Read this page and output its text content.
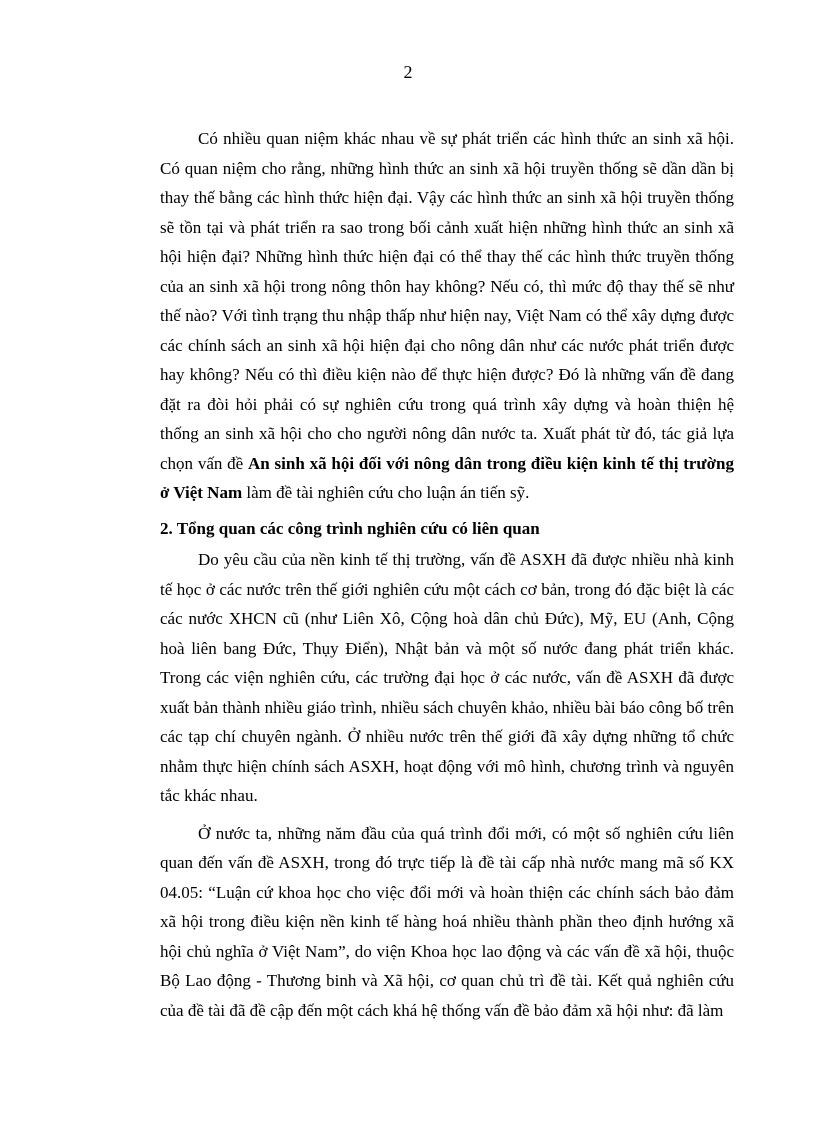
2

Có nhiều quan niệm khác nhau về sự phát triển các hình thức an sinh xã hội. Có quan niệm cho rằng, những hình thức an sinh xã hội truyền thống sẽ dần dần bị thay thế bằng các hình thức hiện đại. Vậy các hình thức an sinh xã hội truyền thống sẽ tồn tại và phát triển ra sao trong bối cảnh xuất hiện những hình thức an sinh xã hội hiện đại? Những hình thức hiện đại có thể thay thế các hình thức truyền thống của an sinh xã hội trong nông thôn hay không? Nếu có, thì mức độ thay thế sẽ như thế nào? Với tình trạng thu nhập thấp như hiện nay, Việt Nam có thể xây dựng được các chính sách an sinh xã hội hiện đại cho nông dân như các nước phát triển được hay không? Nếu có thì điều kiện nào để thực hiện được? Đó là những vấn đề đang đặt ra đòi hỏi phải có sự nghiên cứu trong quá trình xây dựng và hoàn thiện hệ thống an sinh xã hội cho cho người nông dân nước ta. Xuất phát từ đó, tác giả lựa chọn vấn đề An sinh xã hội đối với nông dân trong điều kiện kinh tế thị trường ở Việt Nam làm đề tài nghiên cứu cho luận án tiến sỹ.

2. Tổng quan các công trình nghiên cứu có liên quan

Do yêu cầu của nền kinh tế thị trường, vấn đề ASXH đã được nhiều nhà kinh tế học ở các nước trên thế giới nghiên cứu một cách cơ bản, trong đó đặc biệt là các các nước XHCN cũ (như Liên Xô, Cộng hoà dân chủ Đức), Mỹ, EU (Anh, Cộng hoà liên bang Đức, Thụy Điển), Nhật bản và một số nước đang phát triển khác. Trong các viện nghiên cứu, các trường đại học ở các nước, vấn đề ASXH đã được xuất bản thành nhiều giáo trình, nhiều sách chuyên khảo, nhiều bài báo công bố trên các tạp chí chuyên ngành. Ở nhiều nước trên thế giới đã xây dựng những tổ chức nhằm thực hiện chính sách ASXH, hoạt động với mô hình, chương trình và nguyên tắc khác nhau.

Ở nước ta, những năm đầu của quá trình đổi mới, có một số nghiên cứu liên quan đến vấn đề ASXH, trong đó trực tiếp là đề tài cấp nhà nước mang mã số KX 04.05: “Luận cứ khoa học cho việc đổi mới và hoàn thiện các chính sách bảo đảm xã hội trong điều kiện nền kinh tế hàng hoá nhiều thành phần theo định hướng xã hội chủ nghĩa ở Việt Nam”, do viện Khoa học lao động và các vấn đề xã hội, thuộc Bộ Lao động - Thương binh và Xã hội, cơ quan chủ trì đề tài. Kết quả nghiên cứu của đề tài đã đề cập đến một cách khá hệ thống vấn đề bảo đảm xã hội như: đã làm
